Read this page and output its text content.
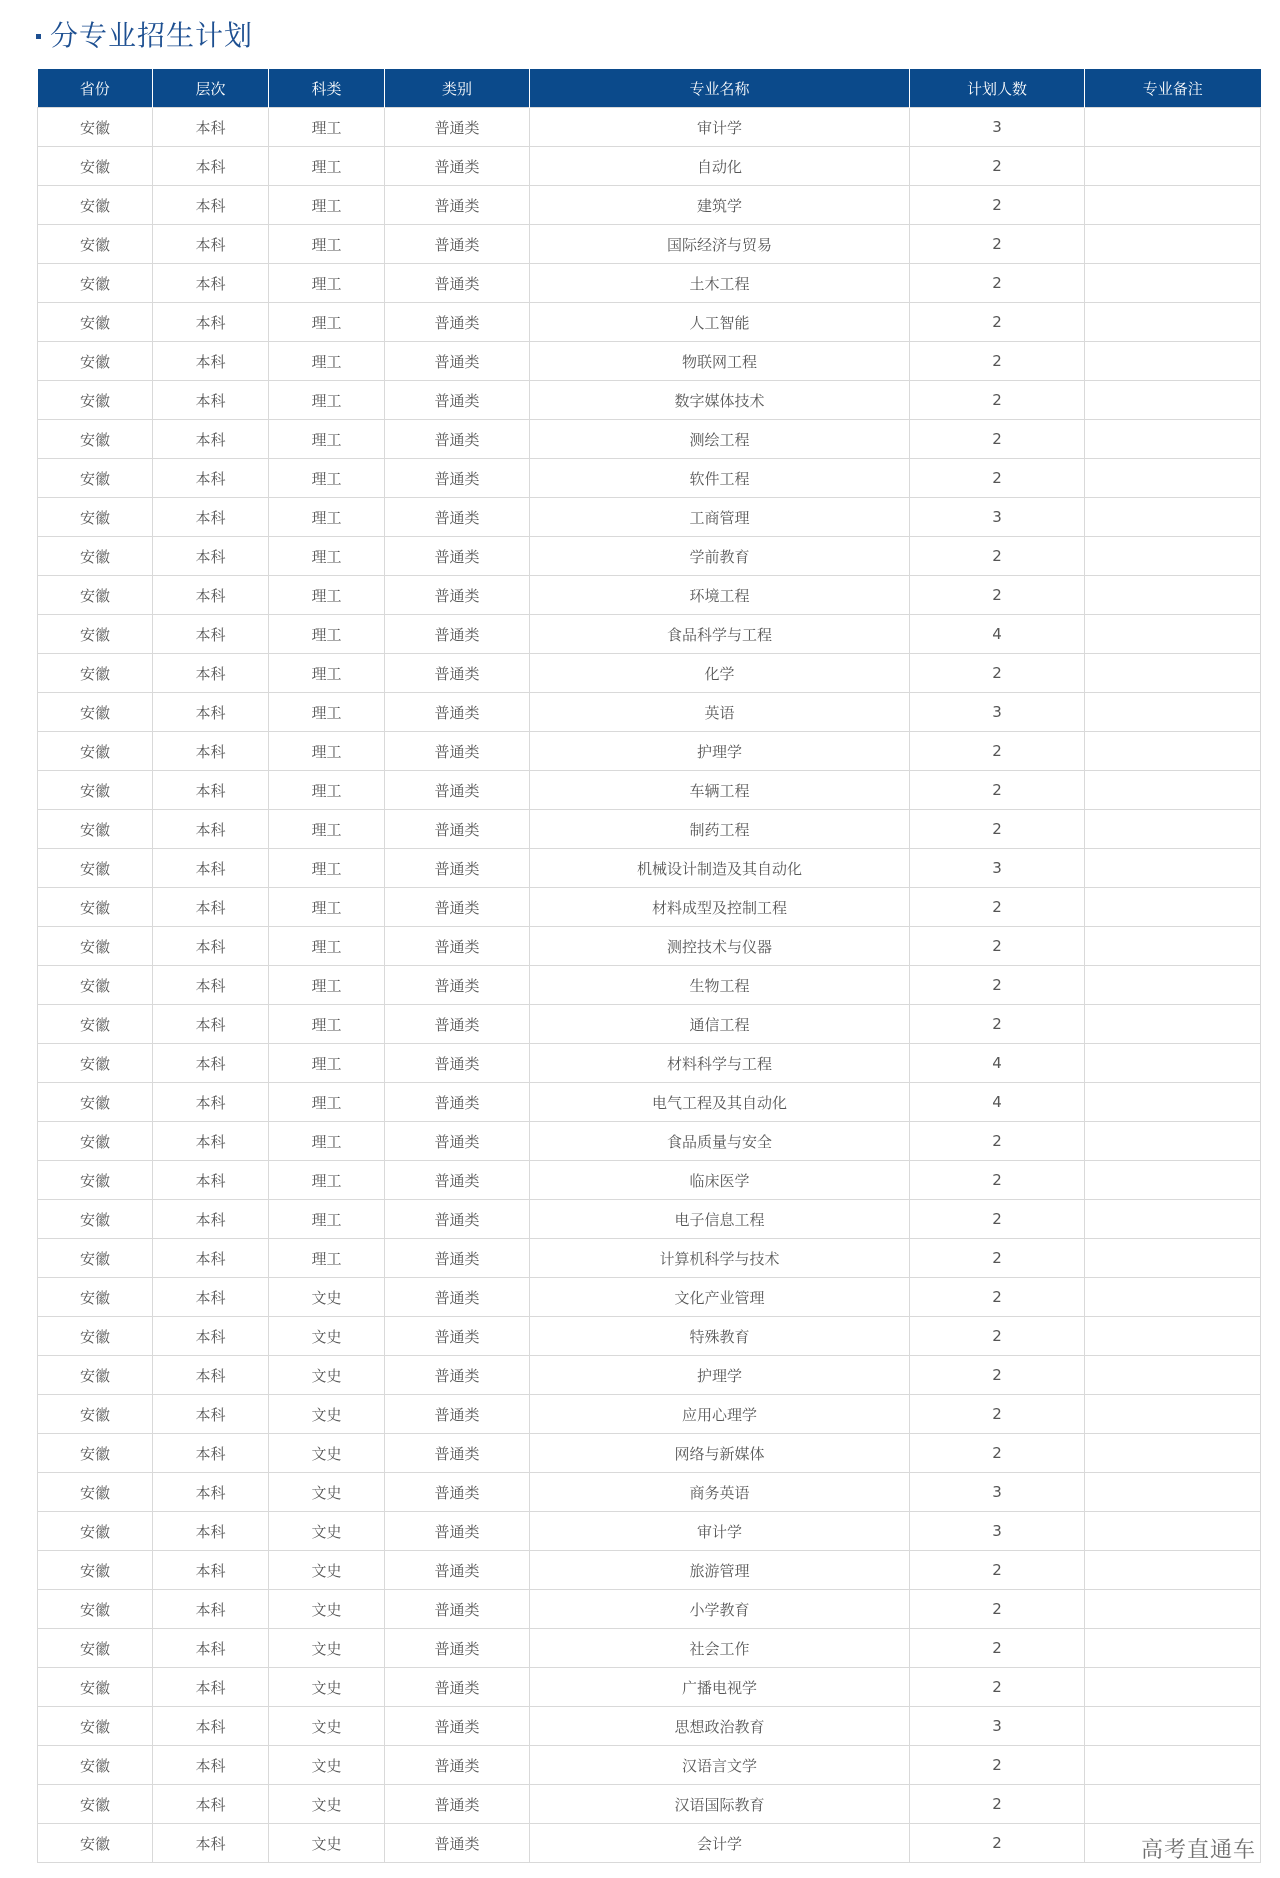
分专业招生计划
省份	层次	科类	类别	专业名称	计划人数	专业备注
安徽	本科	理工	普通类	审计学	3	
安徽	本科	理工	普通类	自动化	2	
安徽	本科	理工	普通类	建筑学	2	
安徽	本科	理工	普通类	国际经济与贸易	2	
安徽	本科	理工	普通类	土木工程	2	
安徽	本科	理工	普通类	人工智能	2	
安徽	本科	理工	普通类	物联网工程	2	
安徽	本科	理工	普通类	数字媒体技术	2	
安徽	本科	理工	普通类	测绘工程	2	
安徽	本科	理工	普通类	软件工程	2	
安徽	本科	理工	普通类	工商管理	3	
安徽	本科	理工	普通类	学前教育	2	
安徽	本科	理工	普通类	环境工程	2	
安徽	本科	理工	普通类	食品科学与工程	4	
安徽	本科	理工	普通类	化学	2	
安徽	本科	理工	普通类	英语	3	
安徽	本科	理工	普通类	护理学	2	
安徽	本科	理工	普通类	车辆工程	2	
安徽	本科	理工	普通类	制药工程	2	
安徽	本科	理工	普通类	机械设计制造及其自动化	3	
安徽	本科	理工	普通类	材料成型及控制工程	2	
安徽	本科	理工	普通类	测控技术与仪器	2	
安徽	本科	理工	普通类	生物工程	2	
安徽	本科	理工	普通类	通信工程	2	
安徽	本科	理工	普通类	材料科学与工程	4	
安徽	本科	理工	普通类	电气工程及其自动化	4	
安徽	本科	理工	普通类	食品质量与安全	2	
安徽	本科	理工	普通类	临床医学	2	
安徽	本科	理工	普通类	电子信息工程	2	
安徽	本科	理工	普通类	计算机科学与技术	2	
安徽	本科	文史	普通类	文化产业管理	2	
安徽	本科	文史	普通类	特殊教育	2	
安徽	本科	文史	普通类	护理学	2	
安徽	本科	文史	普通类	应用心理学	2	
安徽	本科	文史	普通类	网络与新媒体	2	
安徽	本科	文史	普通类	商务英语	3	
安徽	本科	文史	普通类	审计学	3	
安徽	本科	文史	普通类	旅游管理	2	
安徽	本科	文史	普通类	小学教育	2	
安徽	本科	文史	普通类	社会工作	2	
安徽	本科	文史	普通类	广播电视学	2	
安徽	本科	文史	普通类	思想政治教育	3	
安徽	本科	文史	普通类	汉语言文学	2	
安徽	本科	文史	普通类	汉语国际教育	2	
安徽	本科	文史	普通类	会计学	2		高考直通车
